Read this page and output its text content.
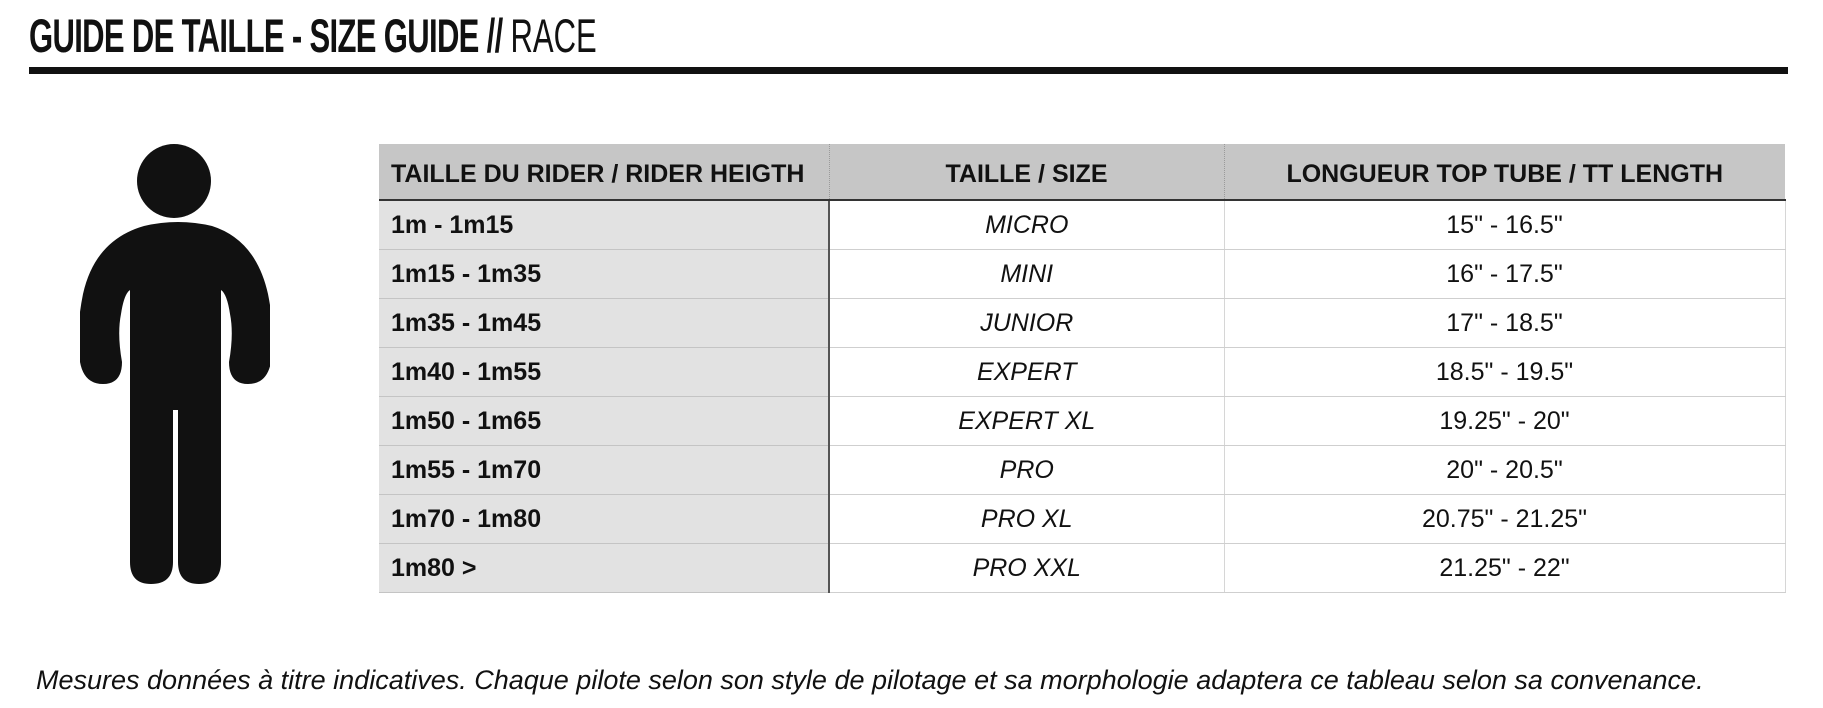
GUIDE DE TAILLE - SIZE GUIDE // RACE
TAILLE DU RIDER / RIDER HEIGTH	TAILLE / SIZE	LONGUEUR TOP TUBE / TT LENGTH
1m - 1m15	MICRO	15" - 16.5"
1m15 - 1m35	MINI	16" - 17.5"
1m35 - 1m45	JUNIOR	17" - 18.5"
1m40 - 1m55	EXPERT	18.5" - 19.5"
1m50 - 1m65	EXPERT XL	19.25" - 20"
1m55 - 1m70	PRO	20" - 20.5"
1m70 - 1m80	PRO XL	20.75" - 21.25"
1m80 >	PRO XXL	21.25" - 22"
Mesures données à titre indicatives. Chaque pilote selon son style de pilotage et sa morphologie adaptera ce tableau selon sa convenance.
